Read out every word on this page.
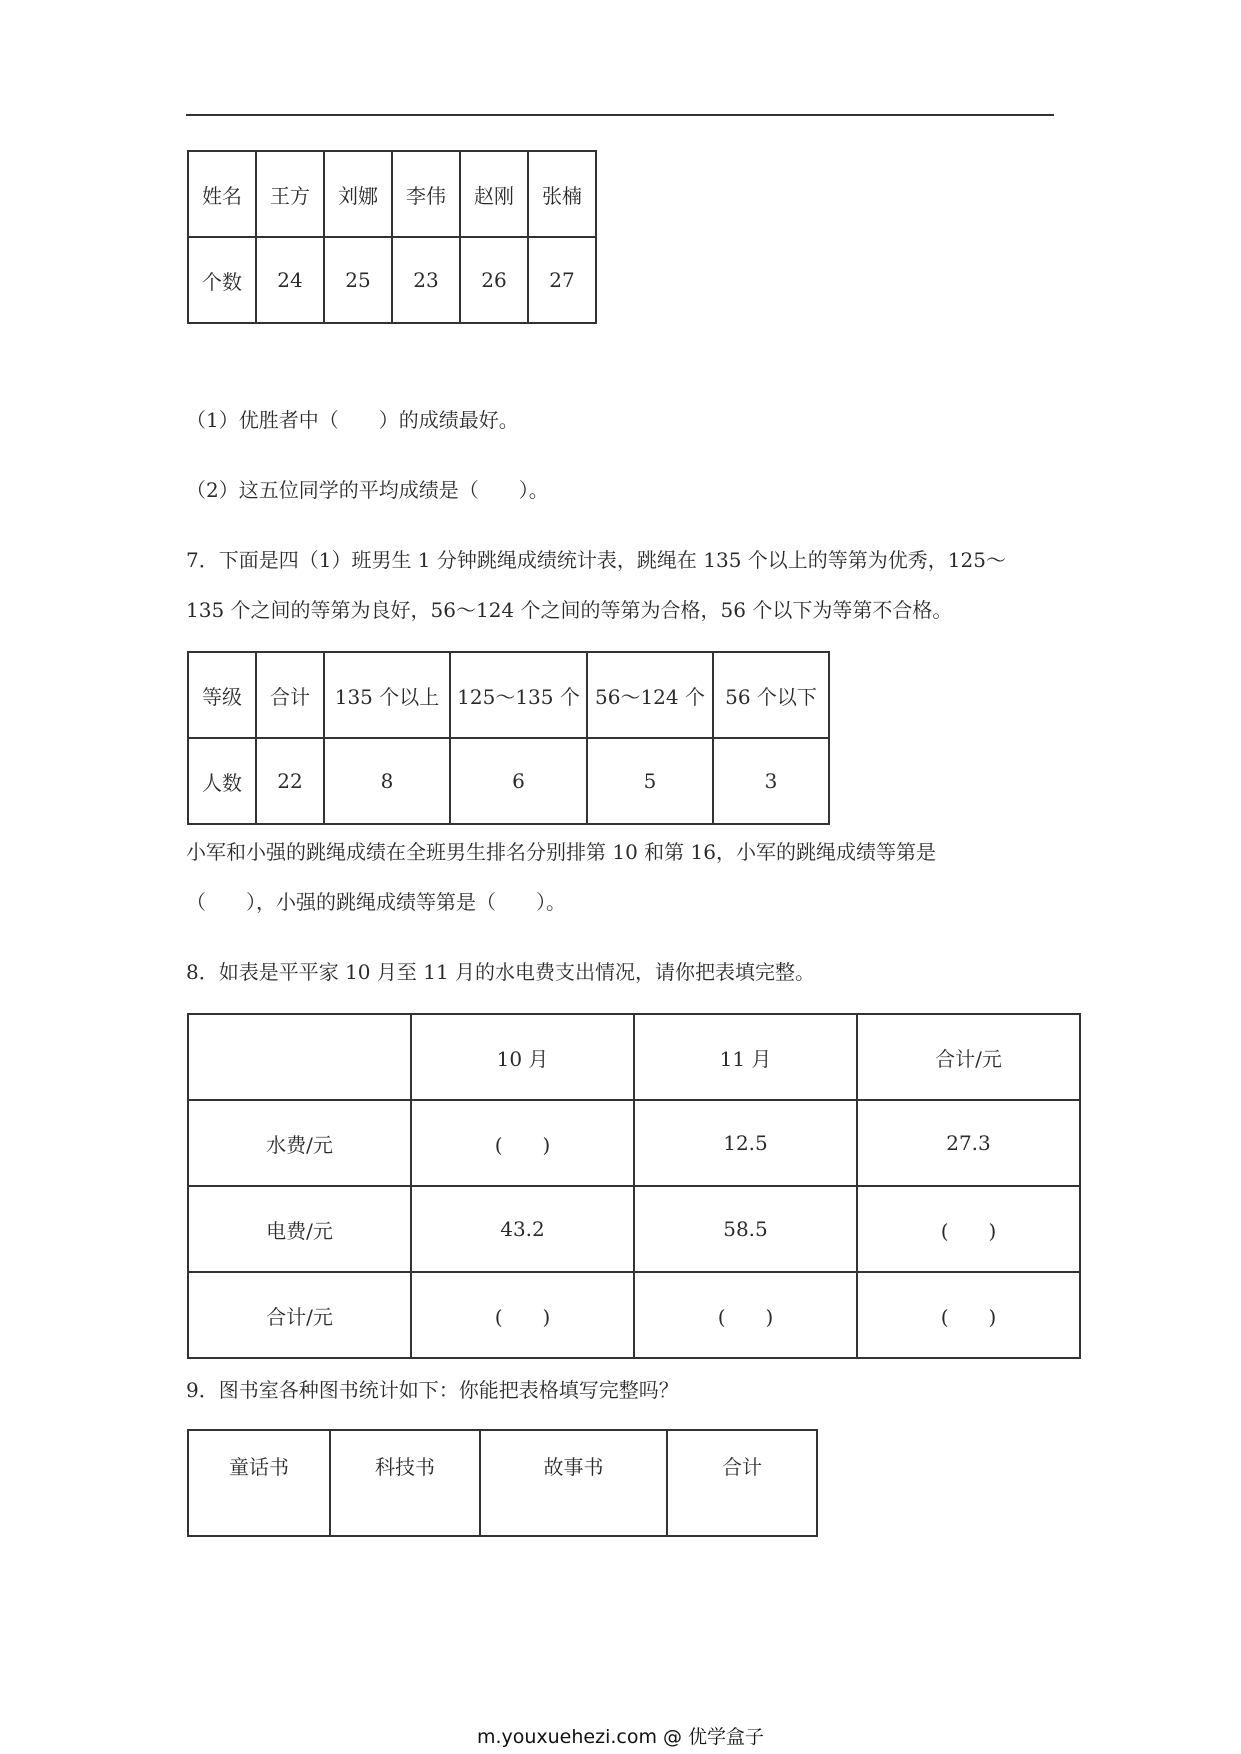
姓名	王方	刘娜	李伟	赵刚	张楠
个数	24	25	23	26	27
（1）优胜者中（　　）的成绩最好。
（2）这五位同学的平均成绩是（　　）。
7．下面是四（1）班男生 1 分钟跳绳成绩统计表，跳绳在 135 个以上的等第为优秀，125～
135 个之间的等第为良好，56～124 个之间的等第为合格，56 个以下为等第不合格。
等级	合计	135 个以上	125～135 个	56～124 个	56 个以下
人数	22	8	6	5	3
小军和小强的跳绳成绩在全班男生排名分别排第 10 和第 16，小军的跳绳成绩等第是
（　　），小强的跳绳成绩等第是（　　）。
8．如表是平平家 10 月至 11 月的水电费支出情况，请你把表填完整。
	10 月	11 月	合计/元
水费/元	(　　)	12.5	27.3
电费/元	43.2	58.5	(　　)
合计/元	(　　)	(　　)	(　　)
9．图书室各种图书统计如下：你能把表格填写完整吗？
童话书	科技书	故事书	合计
m.youxuehezi.com @ 优学盒子
